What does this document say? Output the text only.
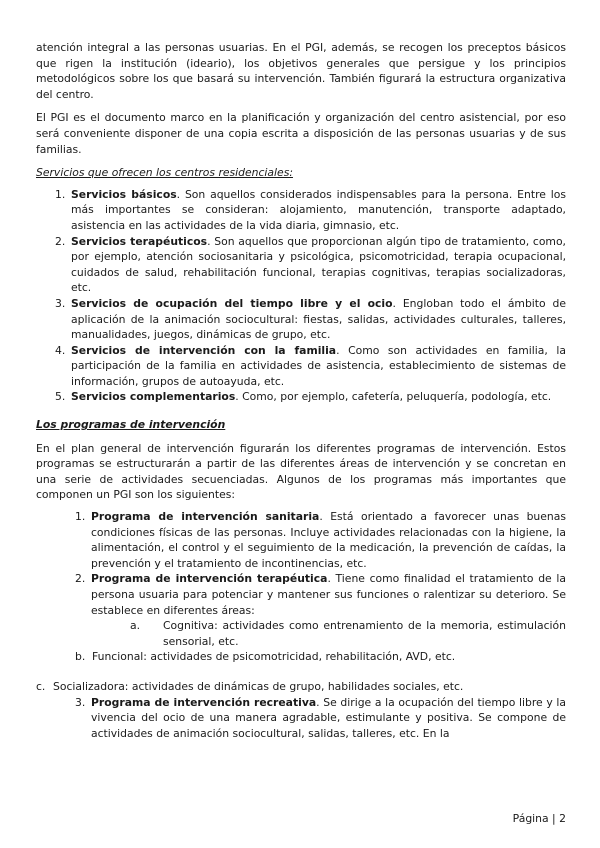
atención integral a las personas usuarias. En el PGI, además, se recogen los preceptos básicos que rigen la institución (ideario), los objetivos generales que persigue y los principios metodológicos sobre los que basará su intervención. También figurará la estructura organizativa del centro.

El PGI es el documento marco en la planificación y organización del centro asistencial, por eso será conveniente disponer de una copia escrita a disposición de las personas usuarias y de sus familias.

Servicios que ofrecen los centros residenciales:

1. Servicios básicos. Son aquellos considerados indispensables para la persona. Entre los más importantes se consideran: alojamiento, manutención, transporte adaptado, asistencia en las actividades de la vida diaria, gimnasio, etc.
2. Servicios terapéuticos. Son aquellos que proporcionan algún tipo de tratamiento, como, por ejemplo, atención sociosanitaria y psicológica, psicomotricidad, terapia ocupacional, cuidados de salud, rehabilitación funcional, terapias cognitivas, terapias socializadoras, etc.
3. Servicios de ocupación del tiempo libre y el ocio. Engloban todo el ámbito de aplicación de la animación sociocultural: fiestas, salidas, actividades culturales, talleres, manualidades, juegos, dinámicas de grupo, etc.
4. Servicios de intervención con la familia. Como son actividades en familia, la participación de la familia en actividades de asistencia, establecimiento de sistemas de información, grupos de autoayuda, etc.
5. Servicios complementarios. Como, por ejemplo, cafetería, peluquería, podología, etc.

Los programas de intervención

En el plan general de intervención figurarán los diferentes programas de intervención. Estos programas se estructurarán a partir de las diferentes áreas de intervención y se concretan en una serie de actividades secuenciadas. Algunos de los programas más importantes que componen un PGI son los siguientes:

1. Programa de intervención sanitaria. Está orientado a favorecer unas buenas condiciones físicas de las personas. Incluye actividades relacionadas con la higiene, la alimentación, el control y el seguimiento de la medicación, la prevención de caídas, la prevención y el tratamiento de incontinencias, etc.
2. Programa de intervención terapéutica. Tiene como finalidad el tratamiento de la persona usuaria para potenciar y mantener sus funciones o ralentizar su deterioro. Se establece en diferentes áreas:
a. Cognitiva: actividades como entrenamiento de la memoria, estimulación sensorial, etc.
b. Funcional: actividades de psicomotricidad, rehabilitación, AVD, etc.
c. Socializadora: actividades de dinámicas de grupo, habilidades sociales, etc.
3. Programa de intervención recreativa. Se dirige a la ocupación del tiempo libre y la vivencia del ocio de una manera agradable, estimulante y positiva. Se compone de actividades de animación sociocultural, salidas, talleres, etc. En la
Página | 2
